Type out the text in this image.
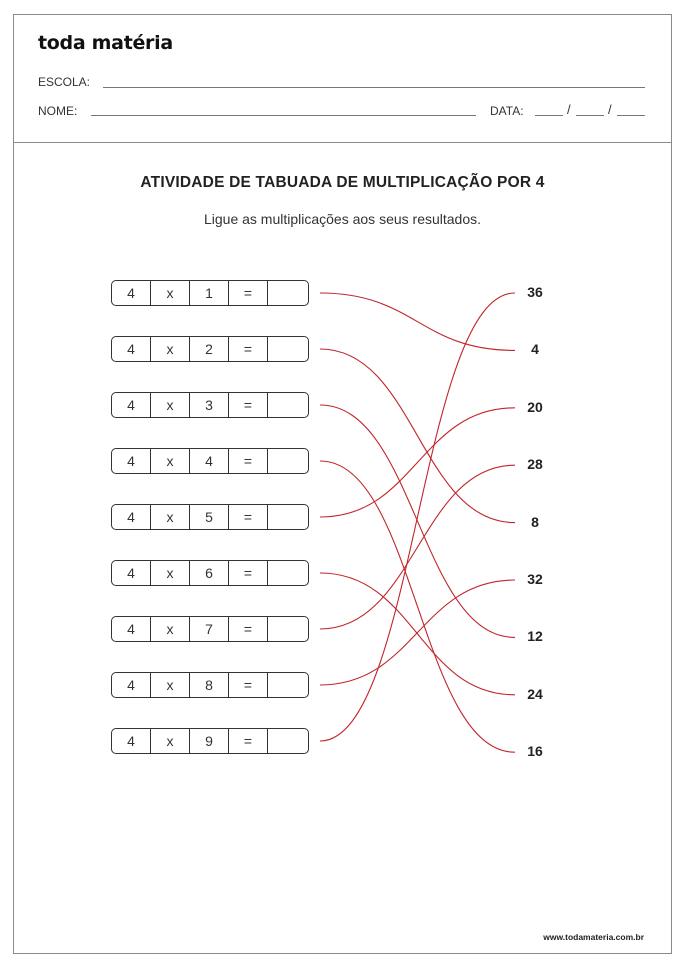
toda matéria
ESCOLA:
NOME:	DATA:	/	/
ATIVIDADE DE TABUADA DE MULTIPLICAÇÃO POR 4
Ligue as multiplicações aos seus resultados.
4	x	1	=
4	x	2	=
4	x	3	=
4	x	4	=
4	x	5	=
4	x	6	=
4	x	7	=
4	x	8	=
4	x	9	=
36
4
20
28
8
32
12
24
16
www.todamateria.com.br
